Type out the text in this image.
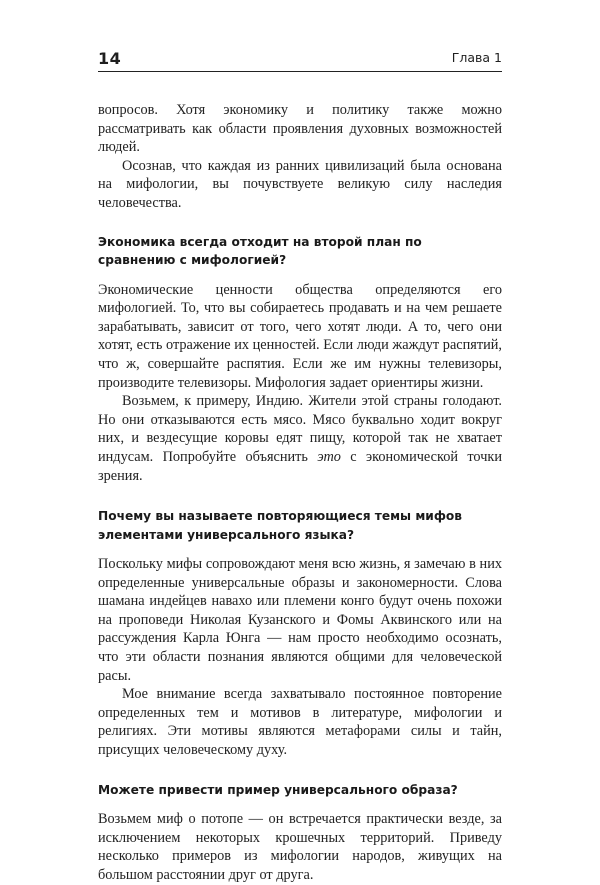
14	Глава 1

вопросов. Хотя экономику и политику также можно рассматривать как области проявления духовных возможностей людей.

Осознав, что каждая из ранних цивилизаций была основана на мифологии, вы почувствуете великую силу наследия человечества.

Экономика всегда отходит на второй план по сравнению с мифологией?

Экономические ценности общества определяются его мифологией. То, что вы собираетесь продавать и на чем решаете зарабатывать, зависит от того, чего хотят люди. А то, чего они хотят, есть отражение их ценностей. Если люди жаждут распятий, что ж, совершайте распятия. Если же им нужны телевизоры, производите телевизоры. Мифология задает ориентиры жизни.

Возьмем, к примеру, Индию. Жители этой страны голодают. Но они отказываются есть мясо. Мясо буквально ходит вокруг них, и вездесущие коровы едят пищу, которой так не хватает индусам. Попробуйте объяснить это с экономической точки зрения.

Почему вы называете повторяющиеся темы мифов элементами универсального языка?

Поскольку мифы сопровождают меня всю жизнь, я замечаю в них определенные универсальные образы и закономерности. Слова шамана индейцев навахо или племени конго будут очень похожи на проповеди Николая Кузанского и Фомы Аквинского или на рассуждения Карла Юнга — нам просто необходимо осознать, что эти области познания являются общими для человеческой расы.

Мое внимание всегда захватывало постоянное повторение определенных тем и мотивов в литературе, мифологии и религиях. Эти мотивы являются метафорами силы и тайн, присущих человеческому духу.

Можете привести пример универсального образа?

Возьмем миф о потопе — он встречается практически везде, за исключением некоторых крошечных территорий. Приведу несколько примеров из мифологии народов, живущих на большом расстоянии друг от друга.
